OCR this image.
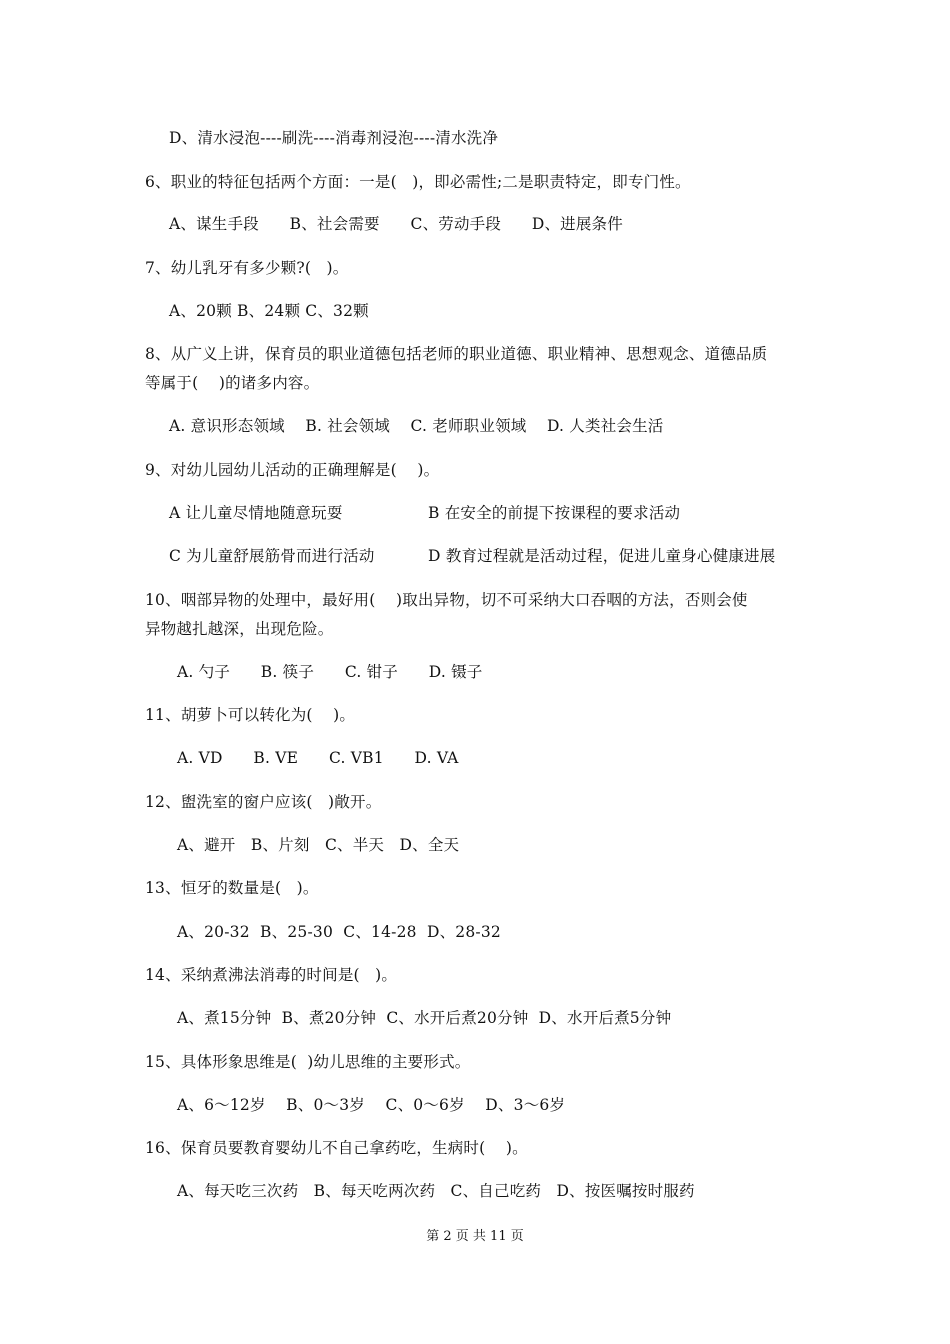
D、清水浸泡----刷洗----消毒剂浸泡----清水洗净
6、职业的特征包括两个方面：一是(   )，即必需性;二是职责特定，即专门性。
A、谋生手段      B、社会需要      C、劳动手段      D、进展条件
7、幼儿乳牙有多少颗?(   )。
A、20颗 B、24颗 C、32颗
8、从广义上讲，保育员的职业道德包括老师的职业道德、职业精神、思想观念、道德品质
等属于(    )的诸多内容。
A. 意识形态领域    B. 社会领域    C. 老师职业领域    D. 人类社会生活
9、对幼儿园幼儿活动的正确理解是(    )。
A 让儿童尽情地随意玩耍	B 在安全的前提下按课程的要求活动
C 为儿童舒展筋骨而进行活动	D 教育过程就是活动过程，促进儿童身心健康进展
10、咽部异物的处理中，最好用(    )取出异物，切不可采纳大口吞咽的方法，否则会使
异物越扎越深，出现危险。
A. 勺子      B. 筷子      C. 钳子      D. 镊子
11、胡萝卜可以转化为(    )。
A. VD      B. VE      C. VB1      D. VA
12、盥洗室的窗户应该(   )敞开。
A、避开   B、片刻   C、半天   D、全天
13、恒牙的数量是(   )。
A、20-32  B、25-30  C、14-28  D、28-32
14、采纳煮沸法消毒的时间是(   )。
A、煮15分钟  B、煮20分钟  C、水开后煮20分钟  D、水开后煮5分钟
15、具体形象思维是(  )幼儿思维的主要形式。
A、6～12岁    B、0～3岁    C、0～6岁    D、3～6岁
16、保育员要教育婴幼儿不自己拿药吃，生病时(    )。
A、每天吃三次药   B、每天吃两次药   C、自己吃药   D、按医嘱按时服药
第 2 页 共 11 页
